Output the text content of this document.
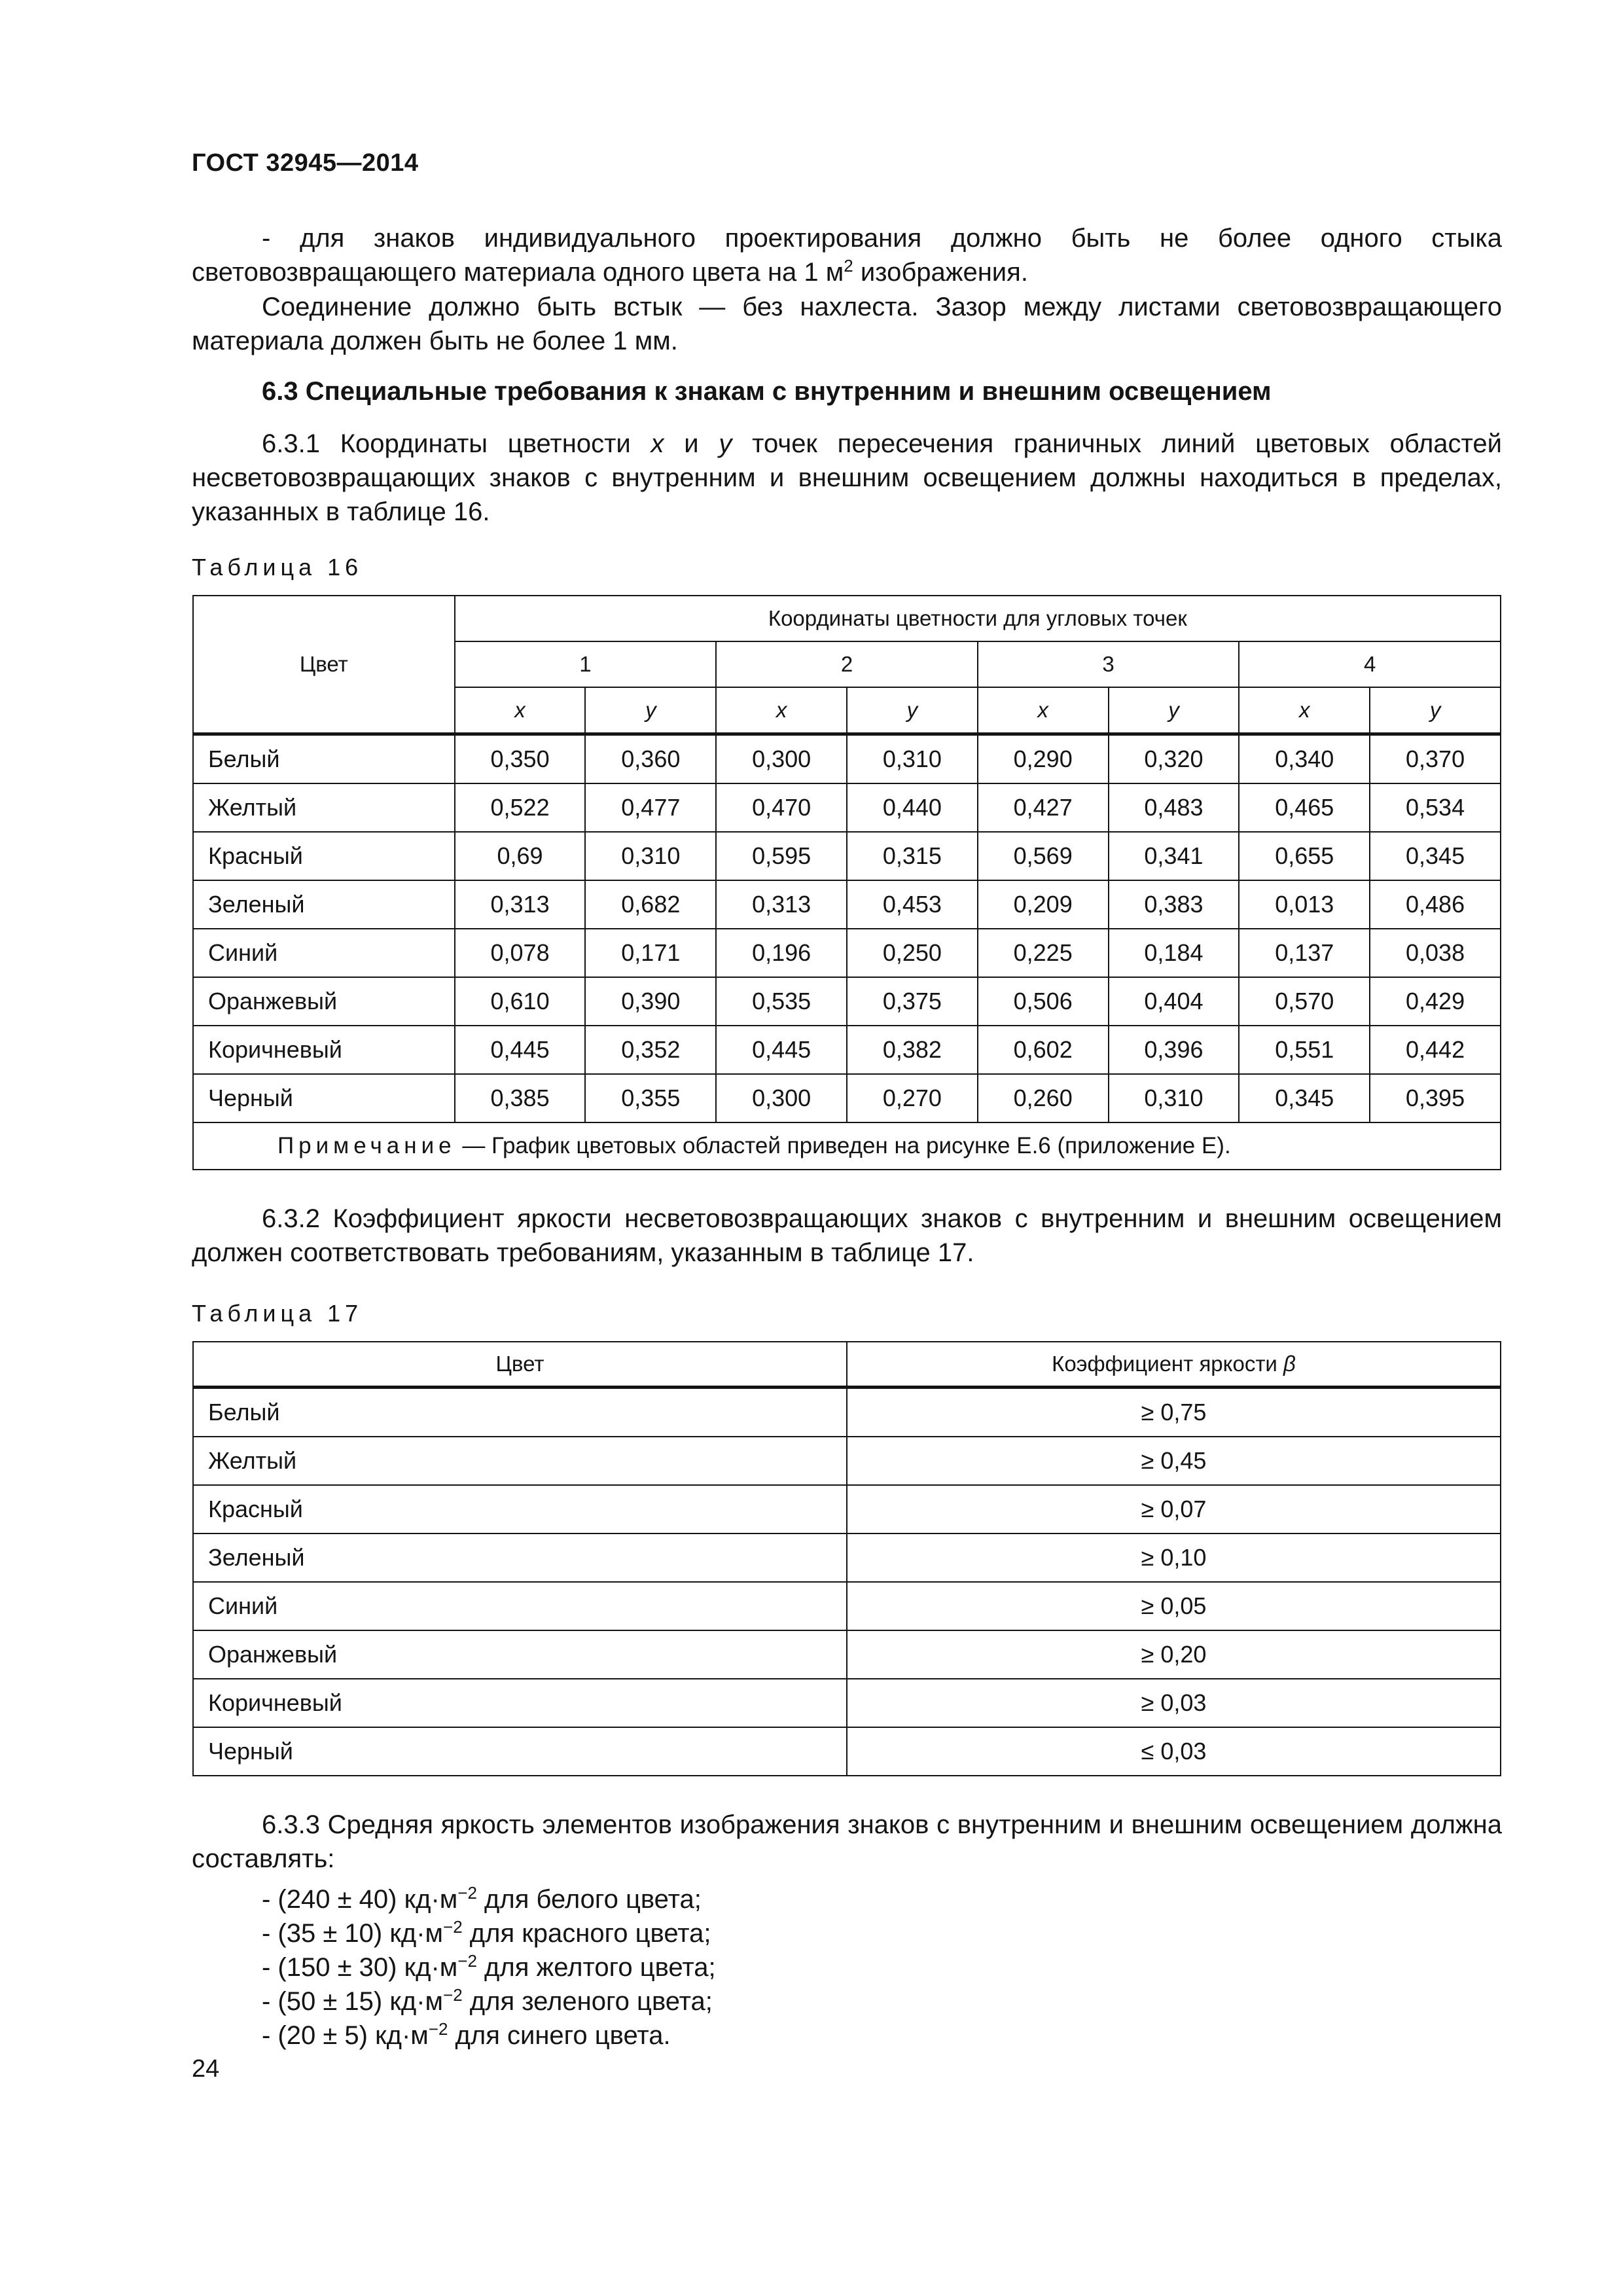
ГОСТ 32945—2014
- для знаков индивидуального проектирования должно быть не более одного стыка световозвращающего материала одного цвета на 1 $м^2$ изображения.
Соединение должно быть встык — без нахлеста. Зазор между листами световозвращающего материала должен быть не более 1 мм.
6.3 Специальные требования к знакам с внутренним и внешним освещением
6.3.1 Координаты цветности x и y точек пересечения граничных линий цветовых областей несветовозвращающих знаков с внутренним и внешним освещением должны находиться в пределах, указанных в таблице 16.
Таблица 16
Цвет	Координаты цветности для угловых точек							
	1		2		3		4	
	x	y	x	y	x	y	x	y
Белый	0,350	0,360	0,300	0,310	0,290	0,320	0,340	0,370
Желтый	0,522	0,477	0,470	0,440	0,427	0,483	0,465	0,534
Красный	0,69	0,310	0,595	0,315	0,569	0,341	0,655	0,345
Зеленый	0,313	0,682	0,313	0,453	0,209	0,383	0,013	0,486
Синий	0,078	0,171	0,196	0,250	0,225	0,184	0,137	0,038
Оранжевый	0,610	0,390	0,535	0,375	0,506	0,404	0,570	0,429
Коричневый	0,445	0,352	0,445	0,382	0,602	0,396	0,551	0,442
Черный	0,385	0,355	0,300	0,270	0,260	0,310	0,345	0,395
Примечание — График цветовых областей приведен на рисунке Е.6 (приложение Е).								
6.3.2 Коэффициент яркости несветовозвращающих знаков с внутренним и внешним освещением должен соответствовать требованиям, указанным в таблице 17.
Таблица 17
Цвет	Коэффициент яркости β
Белый	≥ 0,75
Желтый	≥ 0,45
Красный	≥ 0,07
Зеленый	≥ 0,10
Синий	≥ 0,05
Оранжевый	≥ 0,20
Коричневый	≥ 0,03
Черный	≤ 0,03
6.3.3 Средняя яркость элементов изображения знаков с внутренним и внешним освещением должна составлять:
- (240 ± 40) $кд\cdot м^{-2}$ для белого цвета;
- (35 ± 10) $кд\cdot м^{-2}$ для красного цвета;
- (150 ± 30) $кд\cdot м^{-2}$ для желтого цвета;
- (50 ± 15) $кд\cdot м^{-2}$ для зеленого цвета;
- (20 ± 5) $кд\cdot м^{-2}$ для синего цвета.
24
